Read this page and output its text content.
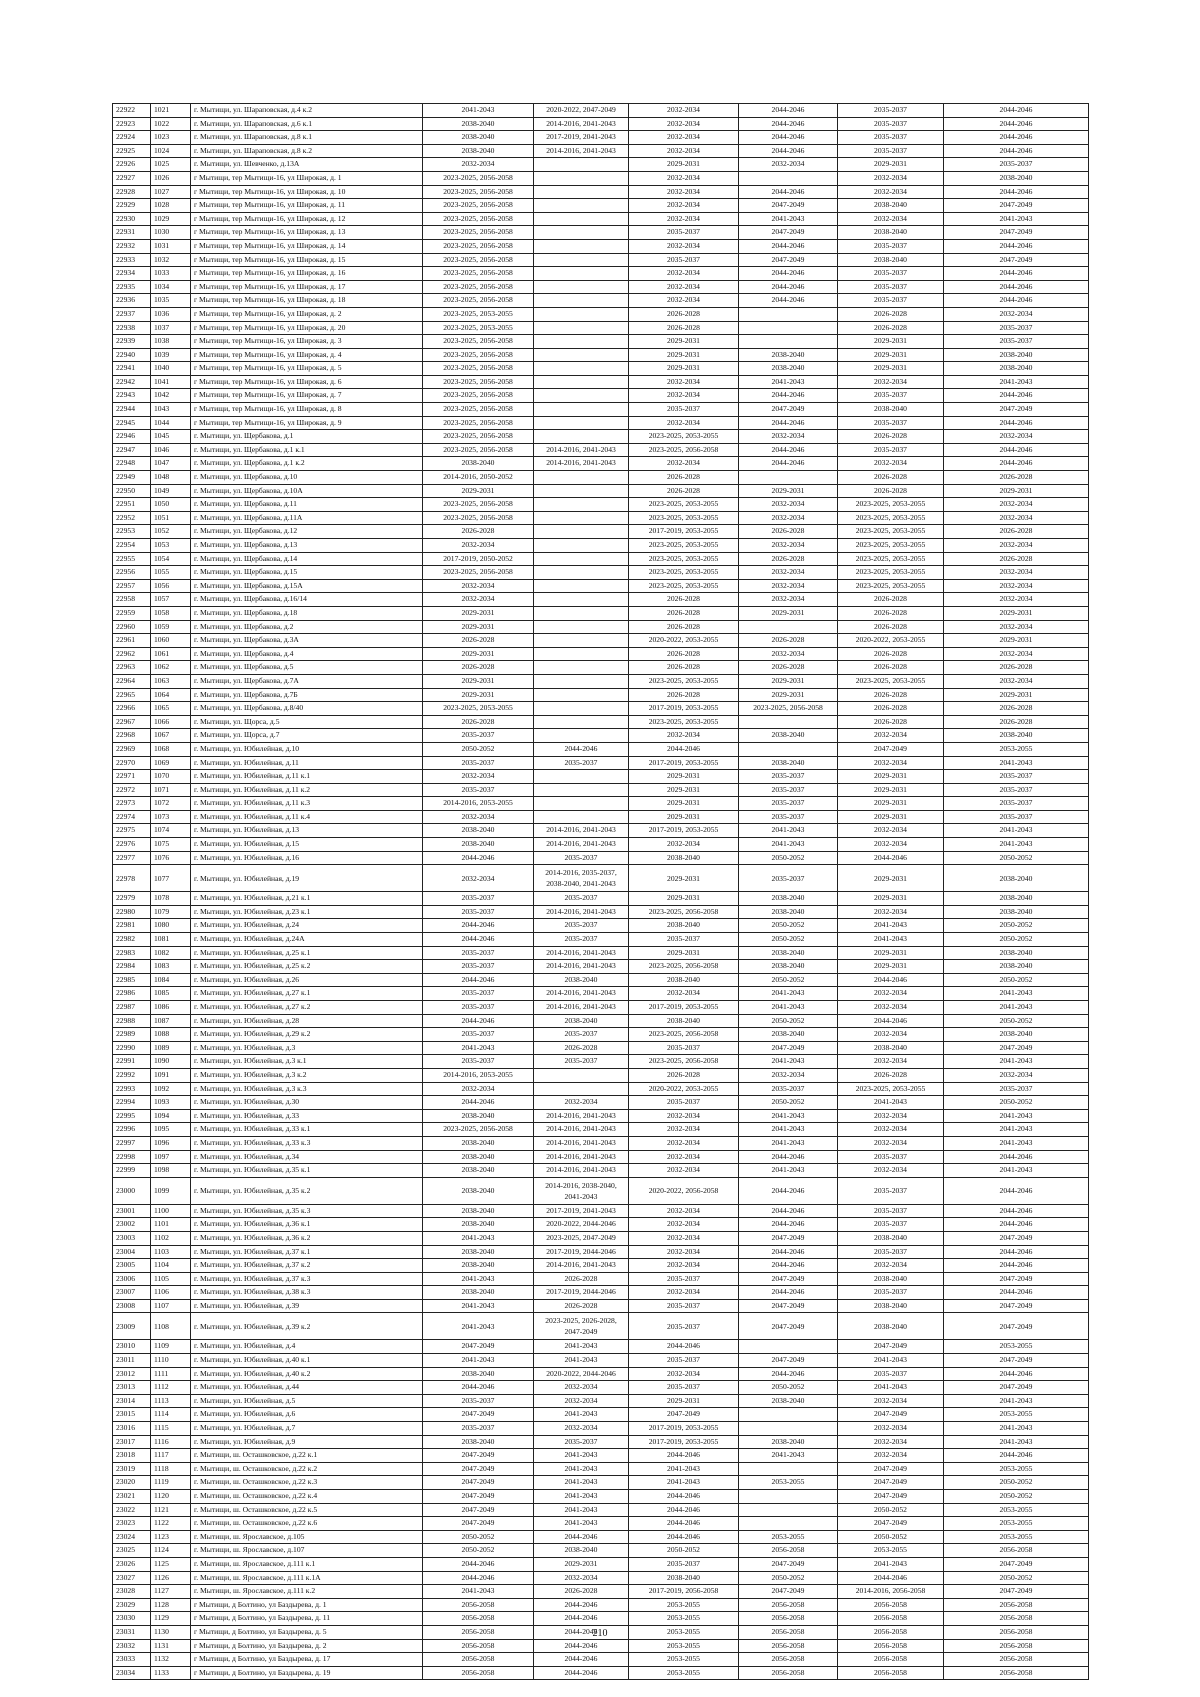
22922	1021	г. Мытищи, ул. Шараповская, д.4 к.2	2041-2043	2020-2022, 2047-2049	2032-2034	2044-2046	2035-2037	2044-2046
22923	1022	г. Мытищи, ул. Шараповская, д.6 к.1	2038-2040	2014-2016, 2041-2043	2032-2034	2044-2046	2035-2037	2044-2046
22924	1023	г. Мытищи, ул. Шараповская, д.8 к.1	2038-2040	2017-2019, 2041-2043	2032-2034	2044-2046	2035-2037	2044-2046
22925	1024	г. Мытищи, ул. Шараповская, д.8 к.2	2038-2040	2014-2016, 2041-2043	2032-2034	2044-2046	2035-2037	2044-2046
22926	1025	г. Мытищи, ул. Шевченко, д.13А	2032-2034		2029-2031	2032-2034	2029-2031	2035-2037
22927	1026	г Мытищи, тер Мытищи-16, ул Широкая, д. 1	2023-2025, 2056-2058		2032-2034		2032-2034	2038-2040
22928	1027	г Мытищи, тер Мытищи-16, ул Широкая, д. 10	2023-2025, 2056-2058		2032-2034	2044-2046	2032-2034	2044-2046
22929	1028	г Мытищи, тер Мытищи-16, ул Широкая, д. 11	2023-2025, 2056-2058		2032-2034	2047-2049	2038-2040	2047-2049
22930	1029	г Мытищи, тер Мытищи-16, ул Широкая, д. 12	2023-2025, 2056-2058		2032-2034	2041-2043	2032-2034	2041-2043
22931	1030	г Мытищи, тер Мытищи-16, ул Широкая, д. 13	2023-2025, 2056-2058		2035-2037	2047-2049	2038-2040	2047-2049
22932	1031	г Мытищи, тер Мытищи-16, ул Широкая, д. 14	2023-2025, 2056-2058		2032-2034	2044-2046	2035-2037	2044-2046
22933	1032	г Мытищи, тер Мытищи-16, ул Широкая, д. 15	2023-2025, 2056-2058		2035-2037	2047-2049	2038-2040	2047-2049
22934	1033	г Мытищи, тер Мытищи-16, ул Широкая, д. 16	2023-2025, 2056-2058		2032-2034	2044-2046	2035-2037	2044-2046
22935	1034	г Мытищи, тер Мытищи-16, ул Широкая, д. 17	2023-2025, 2056-2058		2032-2034	2044-2046	2035-2037	2044-2046
22936	1035	г Мытищи, тер Мытищи-16, ул Широкая, д. 18	2023-2025, 2056-2058		2032-2034	2044-2046	2035-2037	2044-2046
22937	1036	г Мытищи, тер Мытищи-16, ул Широкая, д. 2	2023-2025, 2053-2055		2026-2028		2026-2028	2032-2034
22938	1037	г Мытищи, тер Мытищи-16, ул Широкая, д. 20	2023-2025, 2053-2055		2026-2028		2026-2028	2035-2037
22939	1038	г Мытищи, тер Мытищи-16, ул Широкая, д. 3	2023-2025, 2056-2058		2029-2031		2029-2031	2035-2037
22940	1039	г Мытищи, тер Мытищи-16, ул Широкая, д. 4	2023-2025, 2056-2058		2029-2031	2038-2040	2029-2031	2038-2040
22941	1040	г Мытищи, тер Мытищи-16, ул Широкая, д. 5	2023-2025, 2056-2058		2029-2031	2038-2040	2029-2031	2038-2040
22942	1041	г Мытищи, тер Мытищи-16, ул Широкая, д. 6	2023-2025, 2056-2058		2032-2034	2041-2043	2032-2034	2041-2043
22943	1042	г Мытищи, тер Мытищи-16, ул Широкая, д. 7	2023-2025, 2056-2058		2032-2034	2044-2046	2035-2037	2044-2046
22944	1043	г Мытищи, тер Мытищи-16, ул Широкая, д. 8	2023-2025, 2056-2058		2035-2037	2047-2049	2038-2040	2047-2049
22945	1044	г Мытищи, тер Мытищи-16, ул Широкая, д. 9	2023-2025, 2056-2058		2032-2034	2044-2046	2035-2037	2044-2046
22946	1045	г. Мытищи, ул. Щербакова, д.1	2023-2025, 2056-2058		2023-2025, 2053-2055	2032-2034	2026-2028	2032-2034
22947	1046	г. Мытищи, ул. Щербакова, д.1 к.1	2023-2025, 2056-2058	2014-2016, 2041-2043	2023-2025, 2056-2058	2044-2046	2035-2037	2044-2046
22948	1047	г. Мытищи, ул. Щербакова, д.1 к.2	2038-2040	2014-2016, 2041-2043	2032-2034	2044-2046	2032-2034	2044-2046
22949	1048	г. Мытищи, ул. Щербакова, д.10	2014-2016, 2050-2052		2026-2028		2026-2028	2026-2028
22950	1049	г. Мытищи, ул. Щербакова, д.10А	2029-2031		2026-2028	2029-2031	2026-2028	2029-2031
22951	1050	г. Мытищи, ул. Щербакова, д.11	2023-2025, 2056-2058		2023-2025, 2053-2055	2032-2034	2023-2025, 2053-2055	2032-2034
22952	1051	г. Мытищи, ул. Щербакова, д.11А	2023-2025, 2056-2058		2023-2025, 2053-2055	2032-2034	2023-2025, 2053-2055	2032-2034
22953	1052	г. Мытищи, ул. Щербакова, д.12	2026-2028		2017-2019, 2053-2055	2026-2028	2023-2025, 2053-2055	2026-2028
22954	1053	г. Мытищи, ул. Щербакова, д.13	2032-2034		2023-2025, 2053-2055	2032-2034	2023-2025, 2053-2055	2032-2034
22955	1054	г. Мытищи, ул. Щербакова, д.14	2017-2019, 2050-2052		2023-2025, 2053-2055	2026-2028	2023-2025, 2053-2055	2026-2028
22956	1055	г. Мытищи, ул. Щербакова, д.15	2023-2025, 2056-2058		2023-2025, 2053-2055	2032-2034	2023-2025, 2053-2055	2032-2034
22957	1056	г. Мытищи, ул. Щербакова, д.15А	2032-2034		2023-2025, 2053-2055	2032-2034	2023-2025, 2053-2055	2032-2034
22958	1057	г. Мытищи, ул. Щербакова, д.16/14	2032-2034		2026-2028	2032-2034	2026-2028	2032-2034
22959	1058	г. Мытищи, ул. Щербакова, д.18	2029-2031		2026-2028	2029-2031	2026-2028	2029-2031
22960	1059	г. Мытищи, ул. Щербакова, д.2	2029-2031		2026-2028		2026-2028	2032-2034
22961	1060	г. Мытищи, ул. Щербакова, д.3А	2026-2028		2020-2022, 2053-2055	2026-2028	2020-2022, 2053-2055	2029-2031
22962	1061	г. Мытищи, ул. Щербакова, д.4	2029-2031		2026-2028	2032-2034	2026-2028	2032-2034
22963	1062	г. Мытищи, ул. Щербакова, д.5	2026-2028		2026-2028	2026-2028	2026-2028	2026-2028
22964	1063	г. Мытищи, ул. Щербакова, д.7А	2029-2031		2023-2025, 2053-2055	2029-2031	2023-2025, 2053-2055	2032-2034
22965	1064	г. Мытищи, ул. Щербакова, д.7Б	2029-2031		2026-2028	2029-2031	2026-2028	2029-2031
22966	1065	г. Мытищи, ул. Щербакова, д.8/40	2023-2025, 2053-2055		2017-2019, 2053-2055	2023-2025, 2056-2058	2026-2028	2026-2028
22967	1066	г. Мытищи, ул. Щорса, д.5	2026-2028		2023-2025, 2053-2055		2026-2028	2026-2028
22968	1067	г. Мытищи, ул. Щорса, д.7	2035-2037		2032-2034	2038-2040	2032-2034	2038-2040
22969	1068	г. Мытищи, ул. Юбилейная, д.10	2050-2052	2044-2046	2044-2046		2047-2049	2053-2055
22970	1069	г. Мытищи, ул. Юбилейная, д.11	2035-2037	2035-2037	2017-2019, 2053-2055	2038-2040	2032-2034	2041-2043
22971	1070	г. Мытищи, ул. Юбилейная, д.11 к.1	2032-2034		2029-2031	2035-2037	2029-2031	2035-2037
22972	1071	г. Мытищи, ул. Юбилейная, д.11 к.2	2035-2037		2029-2031	2035-2037	2029-2031	2035-2037
22973	1072	г. Мытищи, ул. Юбилейная, д.11 к.3	2014-2016, 2053-2055		2029-2031	2035-2037	2029-2031	2035-2037
22974	1073	г. Мытищи, ул. Юбилейная, д.11 к.4	2032-2034		2029-2031	2035-2037	2029-2031	2035-2037
22975	1074	г. Мытищи, ул. Юбилейная, д.13	2038-2040	2014-2016, 2041-2043	2017-2019, 2053-2055	2041-2043	2032-2034	2041-2043
22976	1075	г. Мытищи, ул. Юбилейная, д.15	2038-2040	2014-2016, 2041-2043	2032-2034	2041-2043	2032-2034	2041-2043
22977	1076	г. Мытищи, ул. Юбилейная, д.16	2044-2046	2035-2037	2038-2040	2050-2052	2044-2046	2050-2052
22978	1077	г. Мытищи, ул. Юбилейная, д.19	2032-2034	2014-2016, 2035-2037, 2038-2040, 2041-2043	2029-2031	2035-2037	2029-2031	2038-2040
22979	1078	г. Мытищи, ул. Юбилейная, д.21 к.1	2035-2037	2035-2037	2029-2031	2038-2040	2029-2031	2038-2040
22980	1079	г. Мытищи, ул. Юбилейная, д.23 к.1	2035-2037	2014-2016, 2041-2043	2023-2025, 2056-2058	2038-2040	2032-2034	2038-2040
22981	1080	г. Мытищи, ул. Юбилейная, д.24	2044-2046	2035-2037	2038-2040	2050-2052	2041-2043	2050-2052
22982	1081	г. Мытищи, ул. Юбилейная, д.24А	2044-2046	2035-2037	2035-2037	2050-2052	2041-2043	2050-2052
22983	1082	г. Мытищи, ул. Юбилейная, д.25 к.1	2035-2037	2014-2016, 2041-2043	2029-2031	2038-2040	2029-2031	2038-2040
22984	1083	г. Мытищи, ул. Юбилейная, д.25 к.2	2035-2037	2014-2016, 2041-2043	2023-2025, 2056-2058	2038-2040	2029-2031	2038-2040
22985	1084	г. Мытищи, ул. Юбилейная, д.26	2044-2046	2038-2040	2038-2040	2050-2052	2044-2046	2050-2052
22986	1085	г. Мытищи, ул. Юбилейная, д.27 к.1	2035-2037	2014-2016, 2041-2043	2032-2034	2041-2043	2032-2034	2041-2043
22987	1086	г. Мытищи, ул. Юбилейная, д.27 к.2	2035-2037	2014-2016, 2041-2043	2017-2019, 2053-2055	2041-2043	2032-2034	2041-2043
22988	1087	г. Мытищи, ул. Юбилейная, д.28	2044-2046	2038-2040	2038-2040	2050-2052	2044-2046	2050-2052
22989	1088	г. Мытищи, ул. Юбилейная, д.29 к.2	2035-2037	2035-2037	2023-2025, 2056-2058	2038-2040	2032-2034	2038-2040
22990	1089	г. Мытищи, ул. Юбилейная, д.3	2041-2043	2026-2028	2035-2037	2047-2049	2038-2040	2047-2049
22991	1090	г. Мытищи, ул. Юбилейная, д.3 к.1	2035-2037	2035-2037	2023-2025, 2056-2058	2041-2043	2032-2034	2041-2043
22992	1091	г. Мытищи, ул. Юбилейная, д.3 к.2	2014-2016, 2053-2055		2026-2028	2032-2034	2026-2028	2032-2034
22993	1092	г. Мытищи, ул. Юбилейная, д.3 к.3	2032-2034		2020-2022, 2053-2055	2035-2037	2023-2025, 2053-2055	2035-2037
22994	1093	г. Мытищи, ул. Юбилейная, д.30	2044-2046	2032-2034	2035-2037	2050-2052	2041-2043	2050-2052
22995	1094	г. Мытищи, ул. Юбилейная, д.33	2038-2040	2014-2016, 2041-2043	2032-2034	2041-2043	2032-2034	2041-2043
22996	1095	г. Мытищи, ул. Юбилейная, д.33 к.1	2023-2025, 2056-2058	2014-2016, 2041-2043	2032-2034	2041-2043	2032-2034	2041-2043
22997	1096	г. Мытищи, ул. Юбилейная, д.33 к.3	2038-2040	2014-2016, 2041-2043	2032-2034	2041-2043	2032-2034	2041-2043
22998	1097	г. Мытищи, ул. Юбилейная, д.34	2038-2040	2014-2016, 2041-2043	2032-2034	2044-2046	2035-2037	2044-2046
22999	1098	г. Мытищи, ул. Юбилейная, д.35 к.1	2038-2040	2014-2016, 2041-2043	2032-2034	2041-2043	2032-2034	2041-2043
23000	1099	г. Мытищи, ул. Юбилейная, д.35 к.2	2038-2040	2014-2016, 2038-2040, 2041-2043	2020-2022, 2056-2058	2044-2046	2035-2037	2044-2046
23001	1100	г. Мытищи, ул. Юбилейная, д.35 к.3	2038-2040	2017-2019, 2041-2043	2032-2034	2044-2046	2035-2037	2044-2046
23002	1101	г. Мытищи, ул. Юбилейная, д.36 к.1	2038-2040	2020-2022, 2044-2046	2032-2034	2044-2046	2035-2037	2044-2046
23003	1102	г. Мытищи, ул. Юбилейная, д.36 к.2	2041-2043	2023-2025, 2047-2049	2032-2034	2047-2049	2038-2040	2047-2049
23004	1103	г. Мытищи, ул. Юбилейная, д.37 к.1	2038-2040	2017-2019, 2044-2046	2032-2034	2044-2046	2035-2037	2044-2046
23005	1104	г. Мытищи, ул. Юбилейная, д.37 к.2	2038-2040	2014-2016, 2041-2043	2032-2034	2044-2046	2032-2034	2044-2046
23006	1105	г. Мытищи, ул. Юбилейная, д.37 к.3	2041-2043	2026-2028	2035-2037	2047-2049	2038-2040	2047-2049
23007	1106	г. Мытищи, ул. Юбилейная, д.38 к.3	2038-2040	2017-2019, 2044-2046	2032-2034	2044-2046	2035-2037	2044-2046
23008	1107	г. Мытищи, ул. Юбилейная, д.39	2041-2043	2026-2028	2035-2037	2047-2049	2038-2040	2047-2049
23009	1108	г. Мытищи, ул. Юбилейная, д.39 к.2	2041-2043	2023-2025, 2026-2028, 2047-2049	2035-2037	2047-2049	2038-2040	2047-2049
23010	1109	г. Мытищи, ул. Юбилейная, д.4	2047-2049	2041-2043	2044-2046		2047-2049	2053-2055
23011	1110	г. Мытищи, ул. Юбилейная, д.40 к.1	2041-2043	2041-2043	2035-2037	2047-2049	2041-2043	2047-2049
23012	1111	г. Мытищи, ул. Юбилейная, д.40 к.2	2038-2040	2020-2022, 2044-2046	2032-2034	2044-2046	2035-2037	2044-2046
23013	1112	г. Мытищи, ул. Юбилейная, д.44	2044-2046	2032-2034	2035-2037	2050-2052	2041-2043	2047-2049
23014	1113	г. Мытищи, ул. Юбилейная, д.5	2035-2037	2032-2034	2029-2031	2038-2040	2032-2034	2041-2043
23015	1114	г. Мытищи, ул. Юбилейная, д.6	2047-2049	2041-2043	2047-2049		2047-2049	2053-2055
23016	1115	г. Мытищи, ул. Юбилейная, д.7	2035-2037	2032-2034	2017-2019, 2053-2055		2032-2034	2041-2043
23017	1116	г. Мытищи, ул. Юбилейная, д.9	2038-2040	2035-2037	2017-2019, 2053-2055	2038-2040	2032-2034	2041-2043
23018	1117	г. Мытищи, ш. Осташковское, д.22 к.1	2047-2049	2041-2043	2044-2046	2041-2043	2032-2034	2044-2046
23019	1118	г. Мытищи, ш. Осташковское, д.22 к.2	2047-2049	2041-2043	2041-2043		2047-2049	2053-2055
23020	1119	г. Мытищи, ш. Осташковское, д.22 к.3	2047-2049	2041-2043	2041-2043	2053-2055	2047-2049	2050-2052
23021	1120	г. Мытищи, ш. Осташковское, д.22 к.4	2047-2049	2041-2043	2044-2046		2047-2049	2050-2052
23022	1121	г. Мытищи, ш. Осташковское, д.22 к.5	2047-2049	2041-2043	2044-2046		2050-2052	2053-2055
23023	1122	г. Мытищи, ш. Осташковское, д.22 к.6	2047-2049	2041-2043	2044-2046		2047-2049	2053-2055
23024	1123	г. Мытищи, ш. Ярославское, д.105	2050-2052	2044-2046	2044-2046	2053-2055	2050-2052	2053-2055
23025	1124	г. Мытищи, ш. Ярославское, д.107	2050-2052	2038-2040	2050-2052	2056-2058	2053-2055	2056-2058
23026	1125	г. Мытищи, ш. Ярославское, д.111 к.1	2044-2046	2029-2031	2035-2037	2047-2049	2041-2043	2047-2049
23027	1126	г. Мытищи, ш. Ярославское, д.111 к.1А	2044-2046	2032-2034	2038-2040	2050-2052	2044-2046	2050-2052
23028	1127	г. Мытищи, ш. Ярославское, д.111 к.2	2041-2043	2026-2028	2017-2019, 2056-2058	2047-2049	2014-2016, 2056-2058	2047-2049
23029	1128	г Мытищи, д Болтино, ул Баздырева, д. 1	2056-2058	2044-2046	2053-2055	2056-2058	2056-2058	2056-2058
23030	1129	г Мытищи, д Болтино, ул Баздырева, д. 11	2056-2058	2044-2046	2053-2055	2056-2058	2056-2058	2056-2058
23031	1130	г Мытищи, д Болтино, ул Баздырева, д. 5	2056-2058	2044-2046	2053-2055	2056-2058	2056-2058	2056-2058
23032	1131	г Мытищи, д Болтино, ул Баздырева, д. 2	2056-2058	2044-2046	2053-2055	2056-2058	2056-2058	2056-2058
23033	1132	г Мытищи, д Болтино, ул Баздырева, д. 17	2056-2058	2044-2046	2053-2055	2056-2058	2056-2058	2056-2058
23034	1133	г Мытищи, д Болтино, ул Баздырева, д. 19	2056-2058	2044-2046	2053-2055	2056-2058	2056-2058	2056-2058
210
